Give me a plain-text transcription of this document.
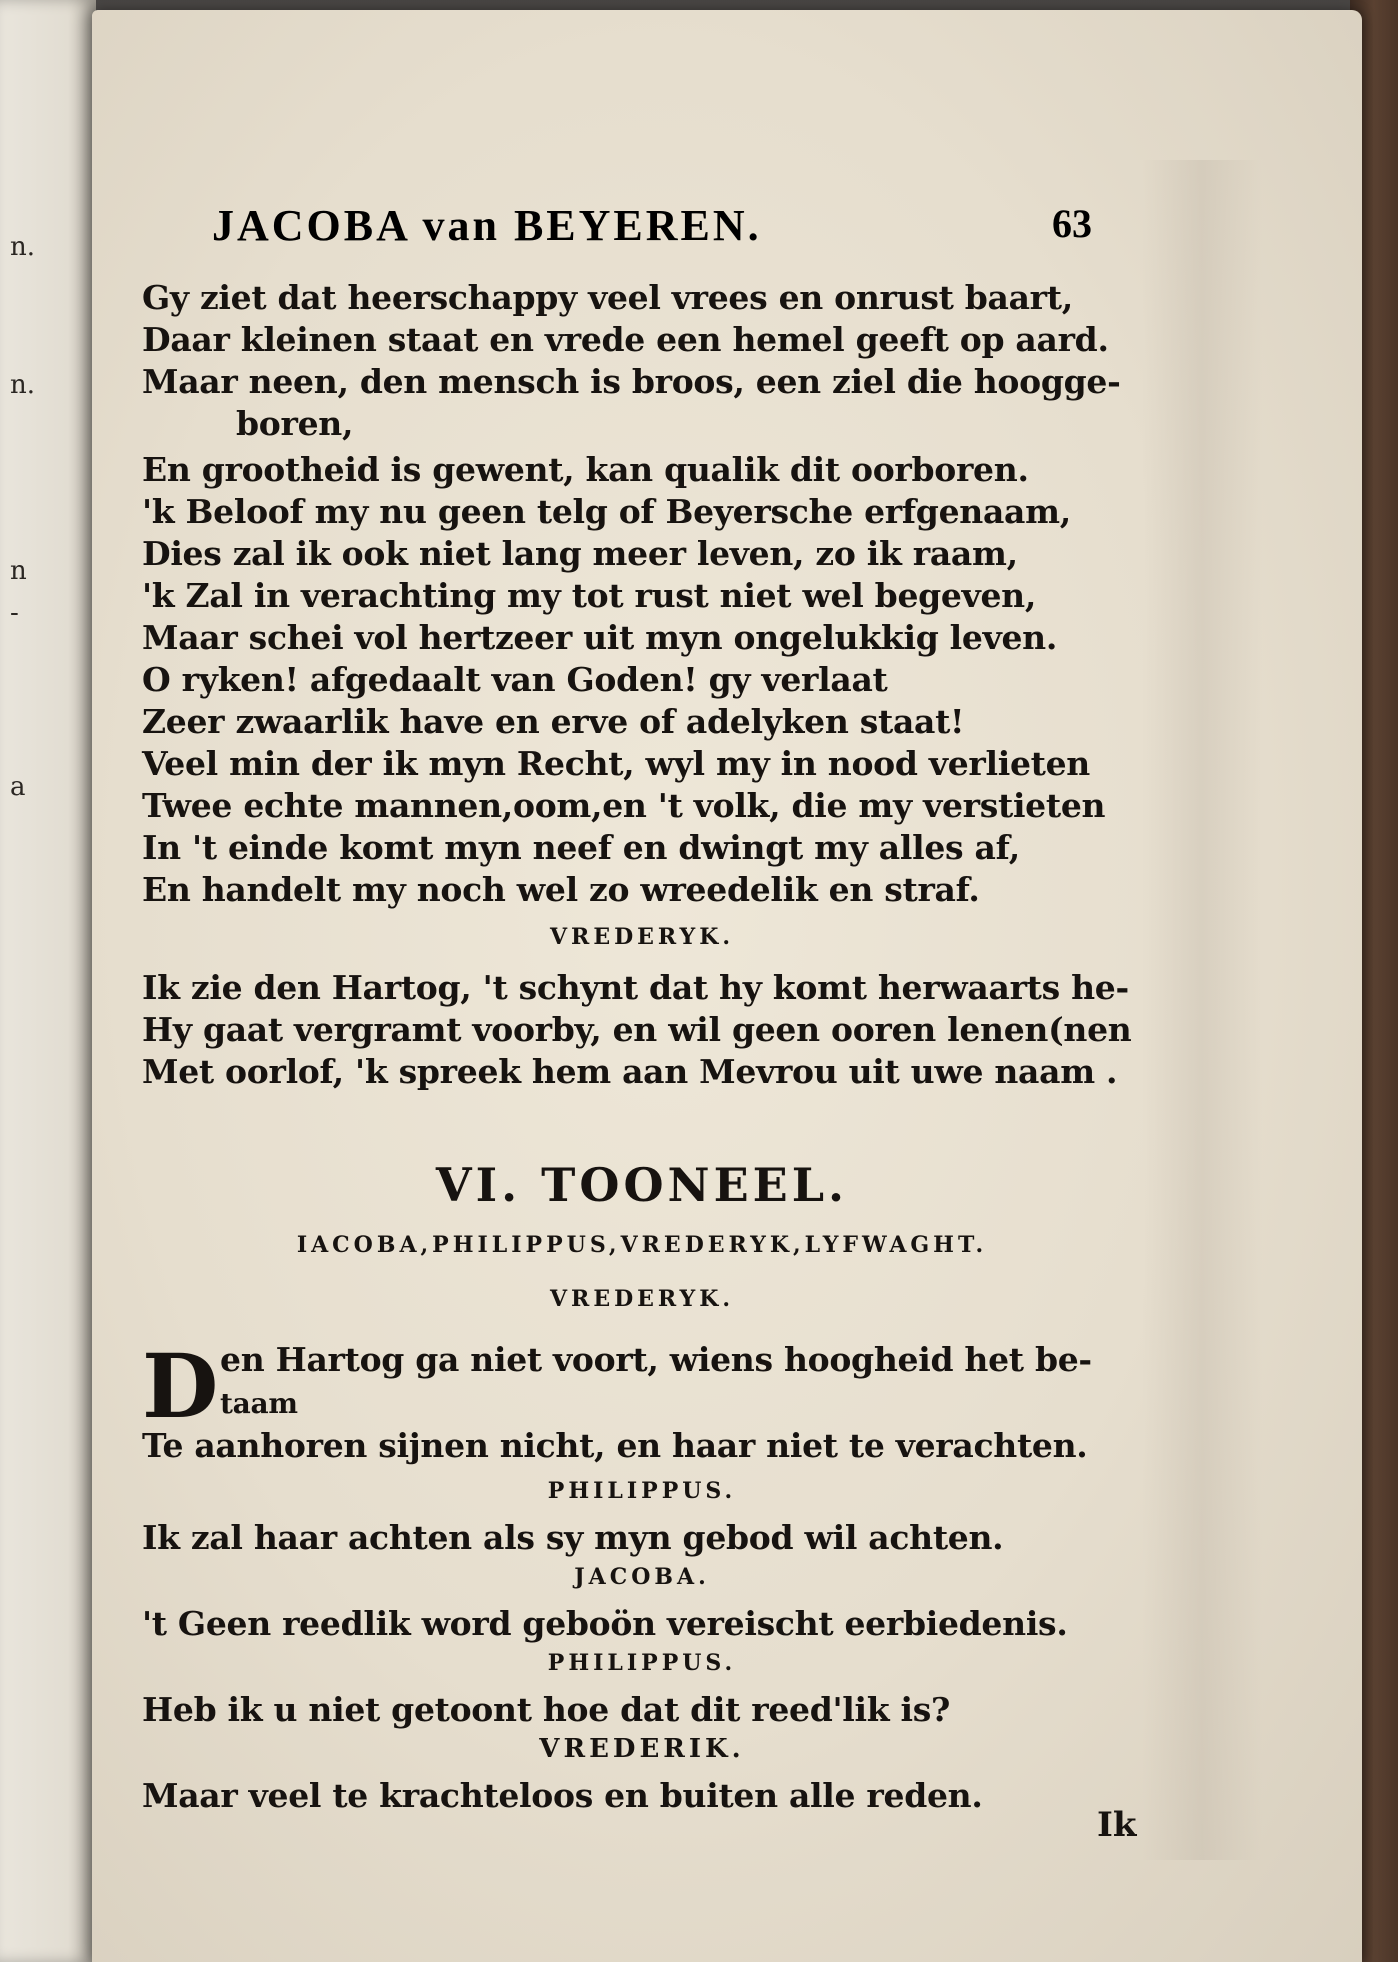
n.
n.
n
-
a
JACOBA van BEYEREN.	63
Gy ziet dat heerschappy veel vrees en onrust baart,
Daar kleinen staat en vrede een hemel geeft op aard.
Maar neen, den mensch is broos, een ziel die hoogge-
boren,
En grootheid is gewent, kan qualik dit oorboren.
'k Beloof my nu geen telg of Beyersche erfgenaam,
Dies zal ik ook niet lang meer leven, zo ik raam,
'k Zal in verachting my tot rust niet wel begeven,
Maar schei vol hertzeer uit myn ongelukkig leven.
O ryken! afgedaalt van Goden! gy verlaat
Zeer zwaarlik have en erve of adelyken staat!
Veel min der ik myn Recht, wyl my in nood verlieten
Twee echte mannen,oom,en 't volk, die my verstieten
In 't einde komt myn neef en dwingt my alles af,
En handelt my noch wel zo wreedelik en straf.
VREDERYK.
Ik zie den Hartog, 't schynt dat hy komt herwaarts he-
Hy gaat vergramt voorby, en wil geen ooren lenen(nen
Met oorlof, 'k spreek hem aan Mevrou uit uwe naam .
VI. TOONEEL.
IACOBA,PHILIPPUS,VREDERYK,LYFWAGHT.
VREDERYK.
D en Hartog ga niet voort, wiens hoogheid het be-
taam
Te aanhoren sijnen nicht, en haar niet te verachten.
PHILIPPUS.
Ik zal haar achten als sy myn gebod wil achten.
JACOBA.
't Geen reedlik word geboön vereischt eerbiedenis.
PHILIPPUS.
Heb ik u niet getoont hoe dat dit reed'lik is?
VREDERIK.
Maar veel te krachteloos en buiten alle reden.
Ik
